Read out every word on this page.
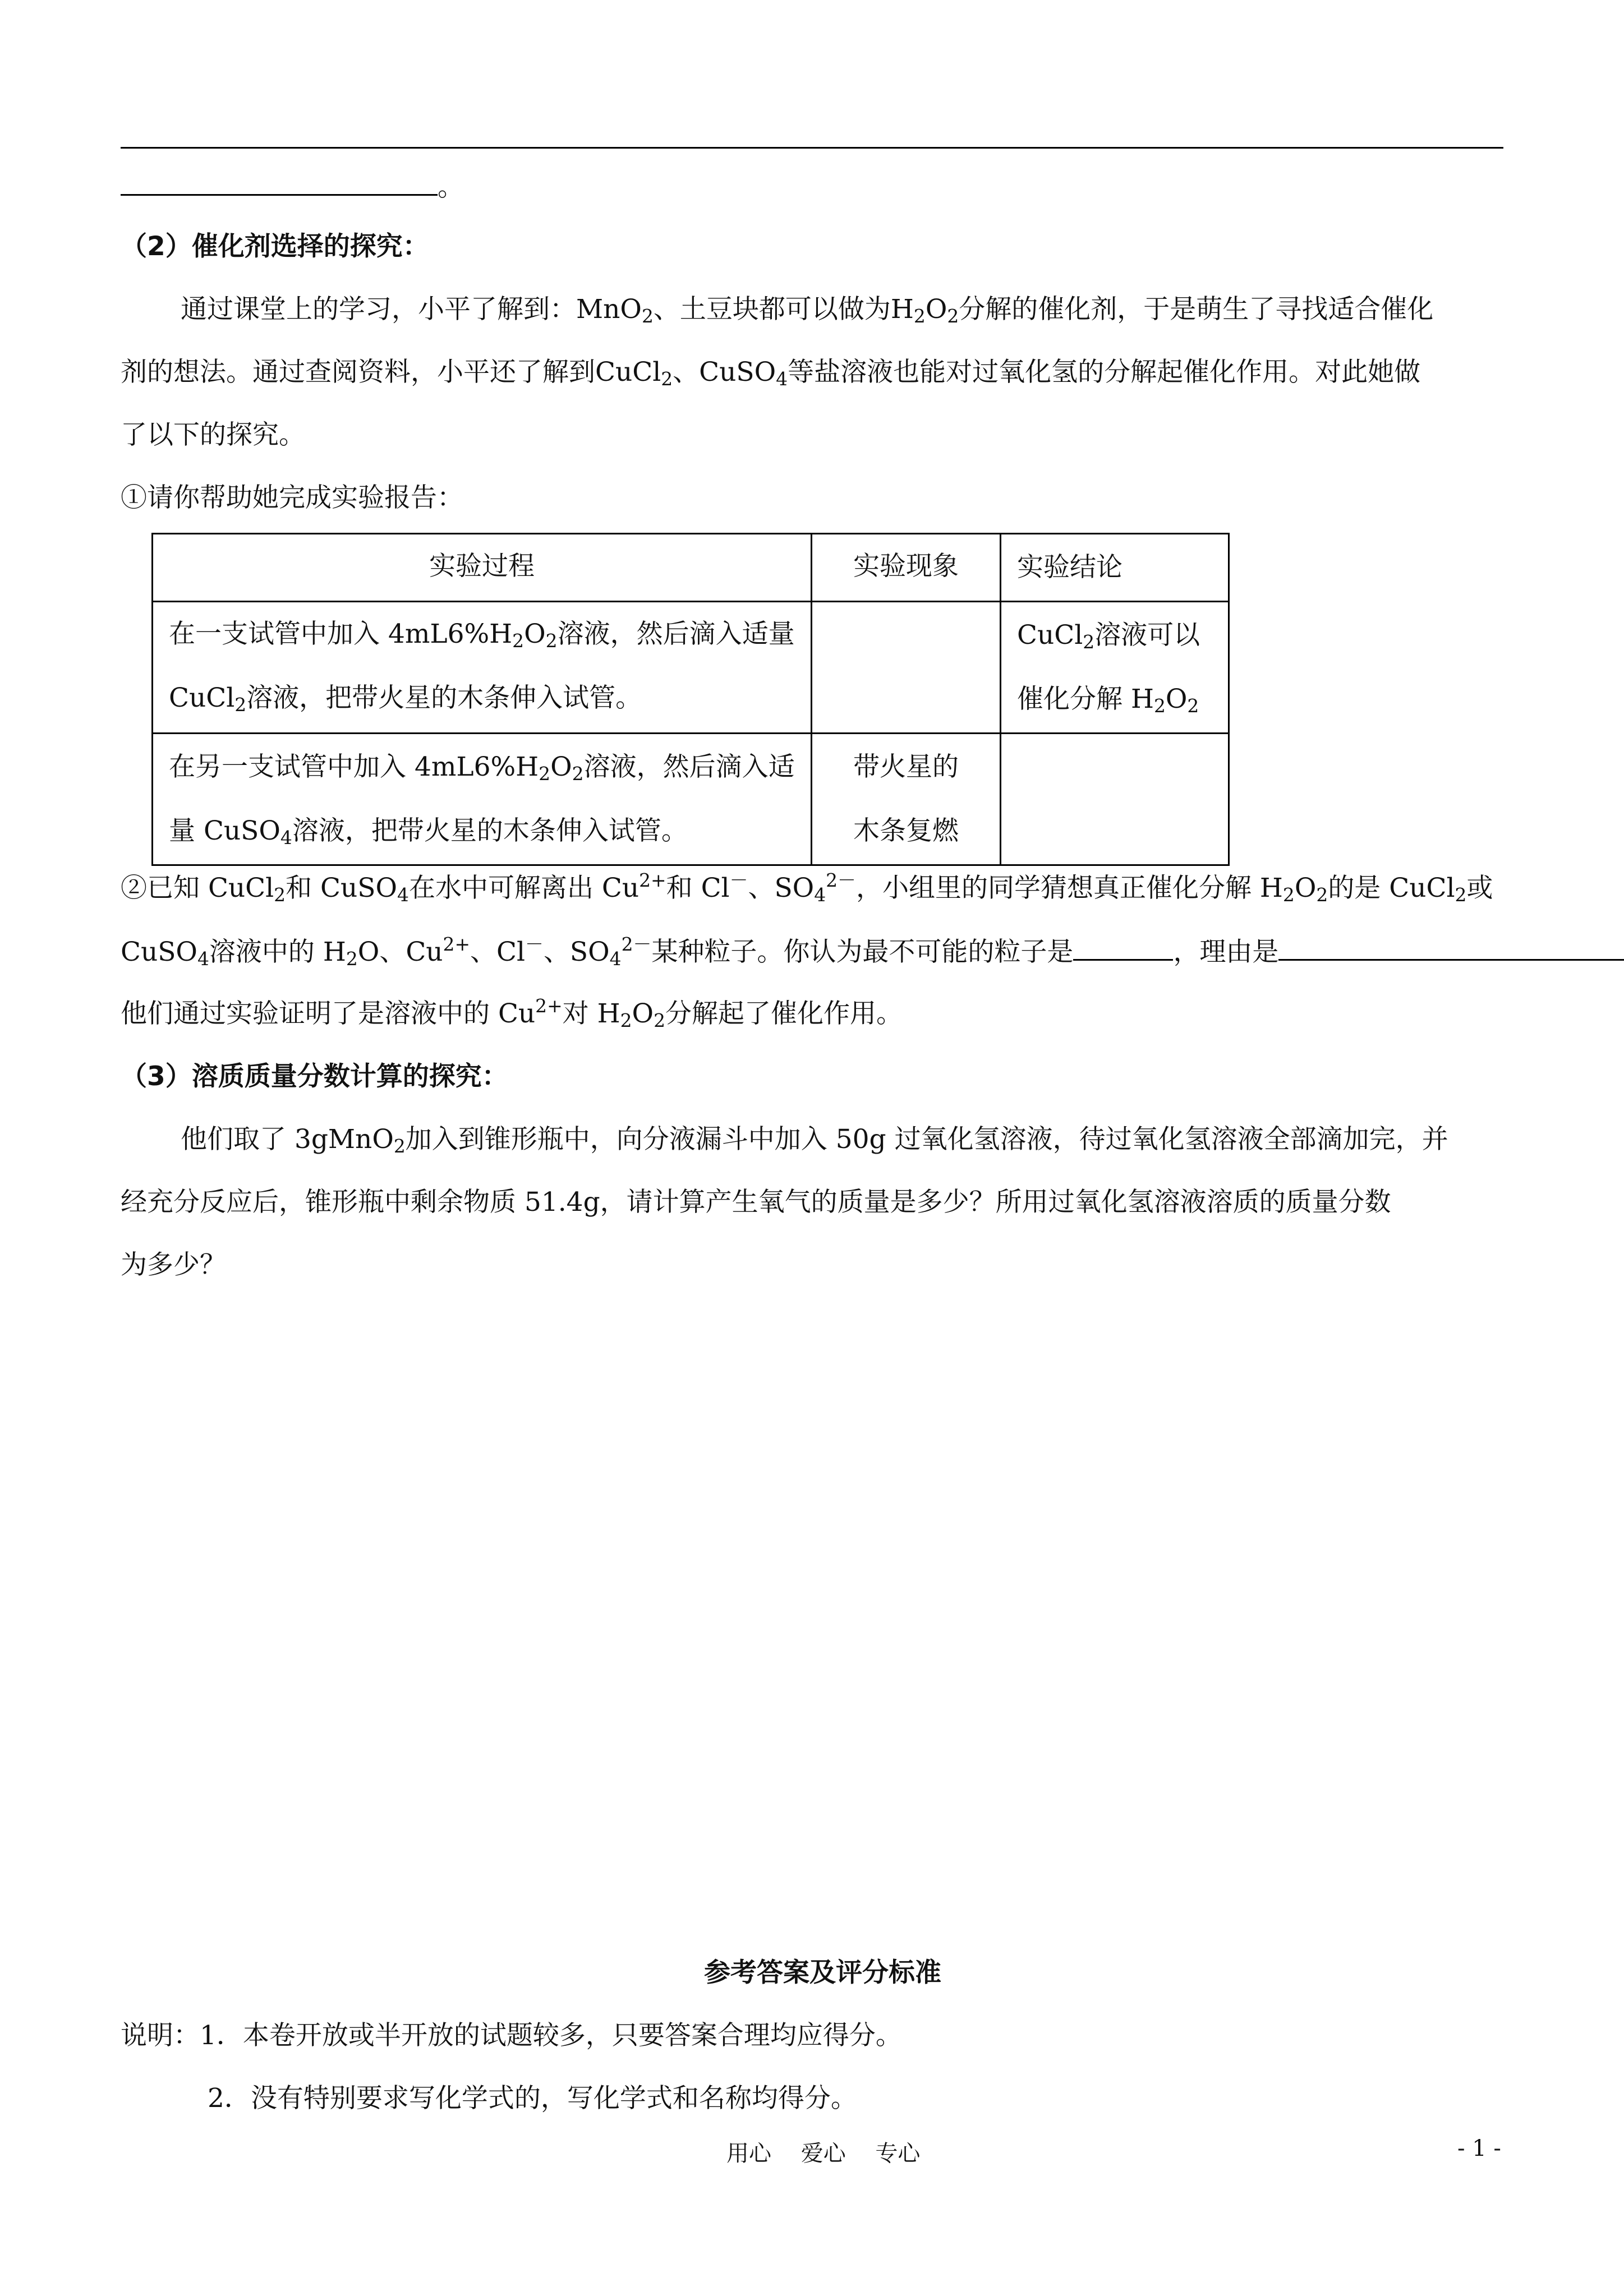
。
（2）催化剂选择的探究：
通过课堂上的学习，小平了解到：MnO$_2$、土豆块都可以做为$H_2O_2$分解的催化剂，于是萌生了寻找适合催化
剂的想法。通过查阅资料，小平还了解到CuCl$_2$、CuSO$_4$等盐溶液也能对过氧化氢的分解起催化作用。对此她做
了以下的探究。
①请你帮助她完成实验报告：
实验过程	实验现象	实验结论

在一支试管中加入 $4mL6\%H_2O_2$溶液，然后滴入适量
CuCl$_2$溶液，把带火星的木条伸入试管。		CuCl$_2$溶液可以
催化分解 $H_2O_2$

在另一支试管中加入 $4mL6\%H_2O_2$溶液，然后滴入适
量 CuSO$_4$溶液，把带火星的木条伸入试管。	带火星的
木条复燃	

②已知 CuCl$_2$和 CuSO$_4$在水中可解离出 $Cu^{2+}$和 Cl－、$SO_4^{2-}$，小组里的同学猜想真正催化分解 $H_2O_2$的是 CuCl$_2$或
CuSO$_4$溶液中的 $H_2O$、$Cu^{2+}$、Cl－、$SO_4^{2-}$某种粒子。你认为最不可能的粒子是	，理由是
他们通过实验证明了是溶液中的 $Cu^{2+}$对 $H_2O_2$分解起了催化作用。
（3）溶质质量分数计算的探究：
他们取了 3gMnO$_2$加入到锥形瓶中，向分液漏斗中加入 50g 过氧化氢溶液，待过氧化氢溶液全部滴加完，并
经充分反应后，锥形瓶中剩余物质 51.4g，请计算产生氧气的质量是多少？所用过氧化氢溶液溶质的质量分数
为多少？
参考答案及评分标准
说明：1．本卷开放或半开放的试题较多，只要答案合理均应得分。
2．没有特别要求写化学式的，写化学式和名称均得分。
用心　 爱心　 专心	- 1 -
